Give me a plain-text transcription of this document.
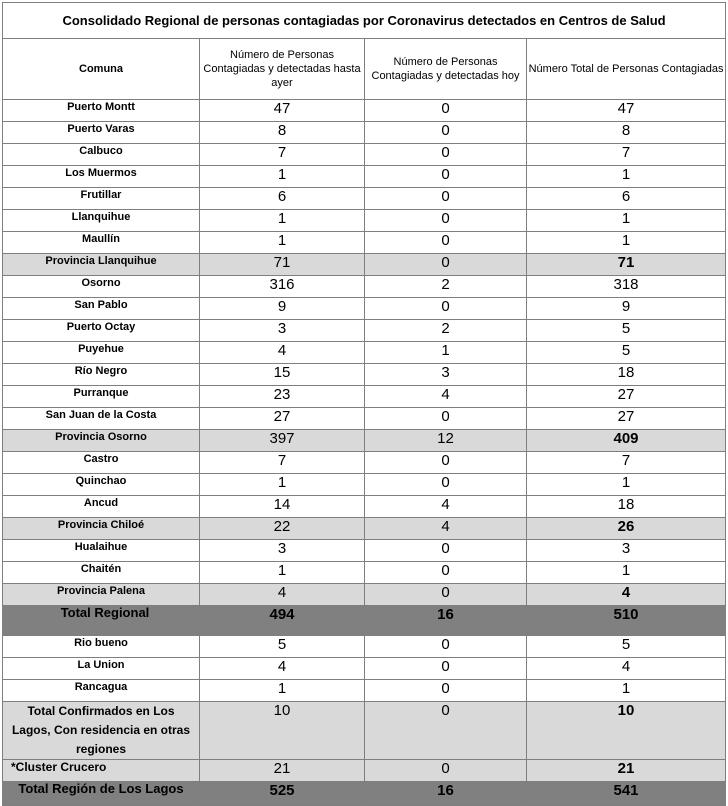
Consolidado Regional de personas contagiadas por Coronavirus detectados en Centros de Salud			
Comuna	Número de Personas Contagiadas y detectadas hasta ayer	Número de Personas Contagiadas y detectadas hoy	Número Total de Personas Contagiadas
Puerto Montt	47	0	47
Puerto Varas	8	0	8
Calbuco	7	0	7
Los Muermos	1	0	1
Frutillar	6	0	6
Llanquihue	1	0	1
Maullín	1	0	1
Provincia Llanquihue	71	0	71
Osorno	316	2	318
San Pablo	9	0	9
Puerto Octay	3	2	5
Puyehue	4	1	5
Río Negro	15	3	18
Purranque	23	4	27
San Juan de la Costa	27	0	27
Provincia Osorno	397	12	409
Castro	7	0	7
Quinchao	1	0	1
Ancud	14	4	18
Provincia Chiloé	22	4	26
Hualaihue	3	0	3
Chaitén	1	0	1
Provincia Palena	4	0	4
Total Regional	494	16	510
Rio bueno	5	0	5
La Union	4	0	4
Rancagua	1	0	1
Total Confirmados en Los Lagos, Con residencia en otras regiones	10	0	10
*Cluster Crucero	21	0	21
Total Región de Los Lagos	525	16	541
